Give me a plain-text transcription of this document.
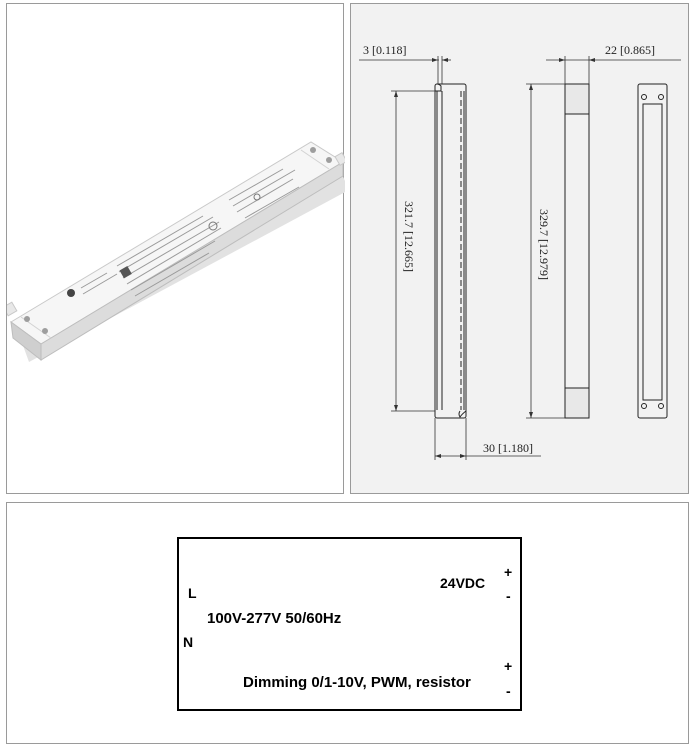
3 [0.118]	22 [0.865]
321.7 [12.665]	329.7 [12.979]
30 [1.180]
L
100V-277V 50/60Hz
N
24VDC
+
-
Dimming 0/1-10V, PWM, resistor
+
-
